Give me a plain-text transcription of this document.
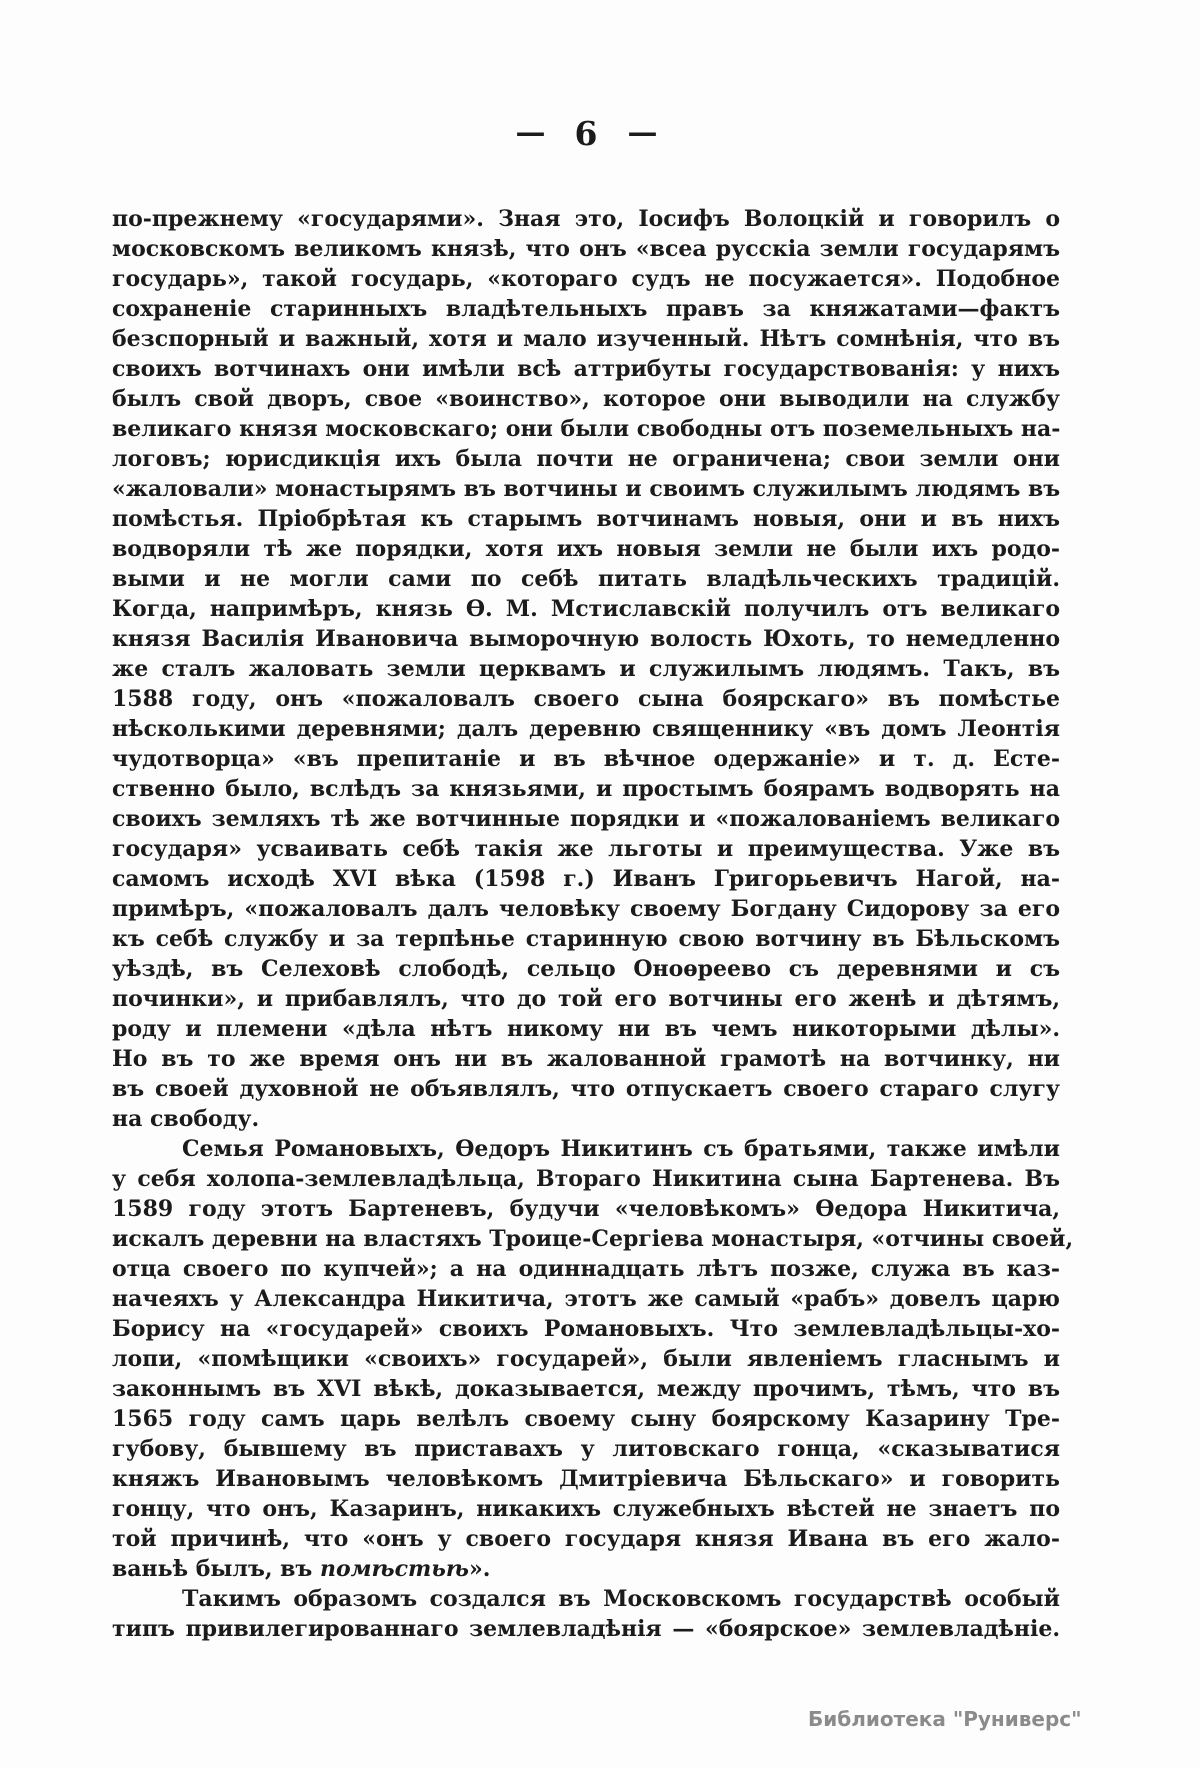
— 6 —
по-прежнему «государями». Зная это, Іосифъ Волоцкій и говорилъ о
московскомъ великомъ князѣ, что онъ «всеа русскіа земли государямъ
государь», такой государь, «котораго судъ не посужается». Подобное
сохраненіе старинныхъ владѣтельныхъ правъ за княжатами—фактъ
безспорный и важный, хотя и мало изученный. Нѣтъ сомнѣнія, что въ
своихъ вотчинахъ они имѣли всѣ аттрибуты государствованія: у нихъ
былъ свой дворъ, свое «воинство», которое они выводили на службу
великаго князя московскаго; они были свободны отъ поземельныхъ на-
логовъ; юрисдикція ихъ была почти не ограничена; свои земли они
«жаловали» монастырямъ въ вотчины и своимъ служилымъ людямъ въ
помѣстья. Пріобрѣтая къ старымъ вотчинамъ новыя, они и въ нихъ
водворяли тѣ же порядки, хотя ихъ новыя земли не были ихъ родо-
выми и не могли сами по себѣ питать владѣльческихъ традицій.
Когда, напримѣръ, князь Ѳ. М. Мстиславскій получилъ отъ великаго
князя Василія Ивановича выморочную волость Юхоть, то немедленно
же сталъ жаловать земли церквамъ и служилымъ людямъ. Такъ, въ
1588 году, онъ «пожаловалъ своего сына боярскаго» въ помѣстье
нѣсколькими деревнями; далъ деревню священнику «въ домъ Леонтія
чудотворца» «въ препитаніе и въ вѣчное одержаніе» и т. д. Есте-
ственно было, вслѣдъ за князьями, и простымъ боярамъ водворять на
своихъ земляхъ тѣ же вотчинные порядки и «пожалованіемъ великаго
государя» усваивать себѣ такія же льготы и преимущества. Уже въ
самомъ исходѣ XVI вѣка (1598 г.) Иванъ Григорьевичъ Нагой, на-
примѣръ, «пожаловалъ далъ человѣку своему Богдану Сидорову за его
къ себѣ службу и за терпѣнье старинную свою вотчину въ Бѣльскомъ
уѣздѣ, въ Селеховѣ слободѣ, сельцо Оноѳреево съ деревнями и съ
починки», и прибавлялъ, что до той его вотчины его женѣ и дѣтямъ,
роду и племени «дѣла нѣтъ никому ни въ чемъ никоторыми дѣлы».
Но въ то же время онъ ни въ жалованной грамотѣ на вотчинку, ни
въ своей духовной не объявлялъ, что отпускаетъ своего стараго слугу
на свободу.
Семья Романовыхъ, Ѳедоръ Никитинъ съ братьями, также имѣли
у себя холопа-землевладѣльца, Втораго Никитина сына Бартенева. Въ
1589 году этотъ Бартеневъ, будучи «человѣкомъ» Ѳедора Никитича,
искалъ деревни на властяхъ Троице-Сергіева монастыря, «отчины своей,
отца своего по купчей»; а на одиннадцать лѣтъ позже, служа въ каз-
начеяхъ у Александра Никитича, этотъ же самый «рабъ» довелъ царю
Борису на «государей» своихъ Романовыхъ. Что землевладѣльцы-хо-
лопи, «помѣщики «своихъ» государей», были явленіемъ гласнымъ и
законнымъ въ XVI вѣкѣ, доказывается, между прочимъ, тѣмъ, что въ
1565 году самъ царь велѣлъ своему сыну боярскому Казарину Тре-
губову, бывшему въ приставахъ у литовскаго гонца, «сказыватися
княжъ Ивановымъ человѣкомъ Дмитріевича Бѣльскаго» и говорить
гонцу, что онъ, Казаринъ, никакихъ служебныхъ вѣстей не знаетъ по
той причинѣ, что «онъ у своего государя князя Ивана въ его жало-
ваньѣ былъ, въ помѣстьѣ».
Такимъ образомъ создался въ Московскомъ государствѣ особый
типъ привилегированнаго землевладѣнія — «боярское» землевладѣніе.
Библиотека "Руниверс"
